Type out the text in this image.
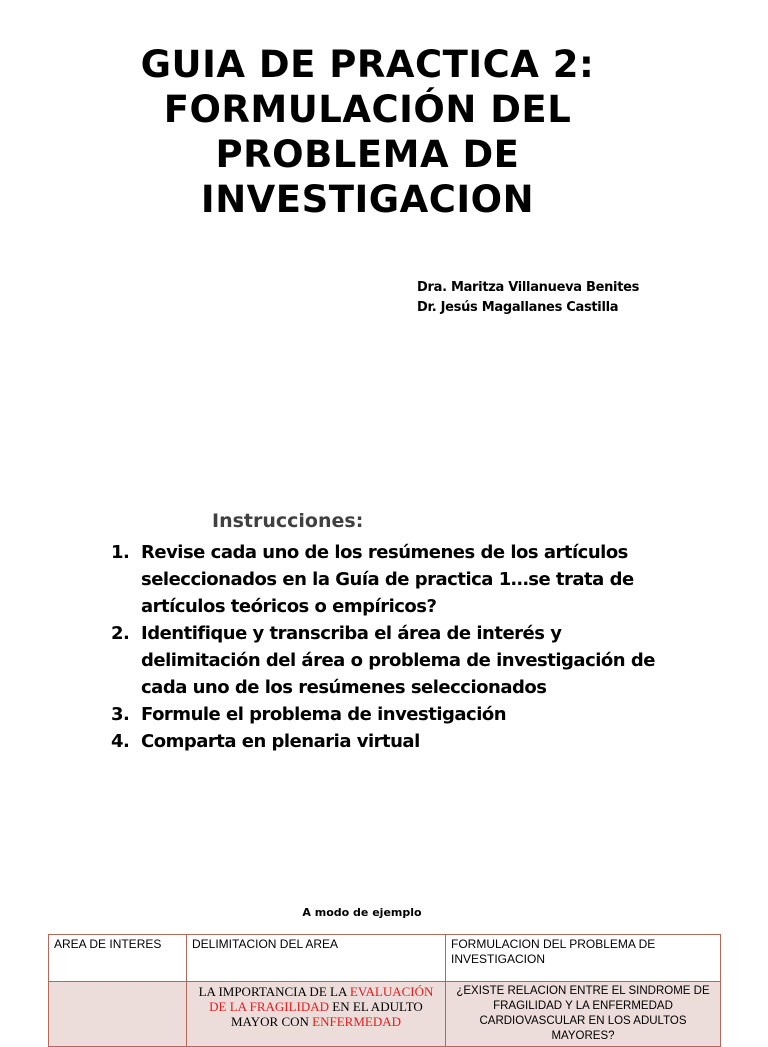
GUIA DE PRACTICA 2:
FORMULACIÓN DEL
PROBLEMA DE
INVESTIGACION
Dra. Maritza Villanueva Benites
Dr. Jesús Magallanes Castilla
Instrucciones:
1. Revise cada uno de los resúmenes de los artículos
seleccionados en la Guía de practica 1…se trata de
artículos teóricos o empíricos?
2. Identifique y transcriba el área de interés y
delimitación del área o problema de investigación de
cada uno de los resúmenes seleccionados
3. Formule el problema de investigación
4. Comparta en plenaria virtual
A modo de ejemplo
AREA DE INTERES	DELIMITACION DEL AREA	FORMULACION DEL PROBLEMA DE INVESTIGACION
	LA IMPORTANCIA DE LA EVALUACIÓN DE LA FRAGILIDAD EN EL ADULTO MAYOR CON ENFERMEDAD	¿EXISTE RELACION ENTRE EL SINDROME DE FRAGILIDAD Y LA ENFERMEDAD CARDIOVASCULAR EN LOS ADULTOS MAYORES?
